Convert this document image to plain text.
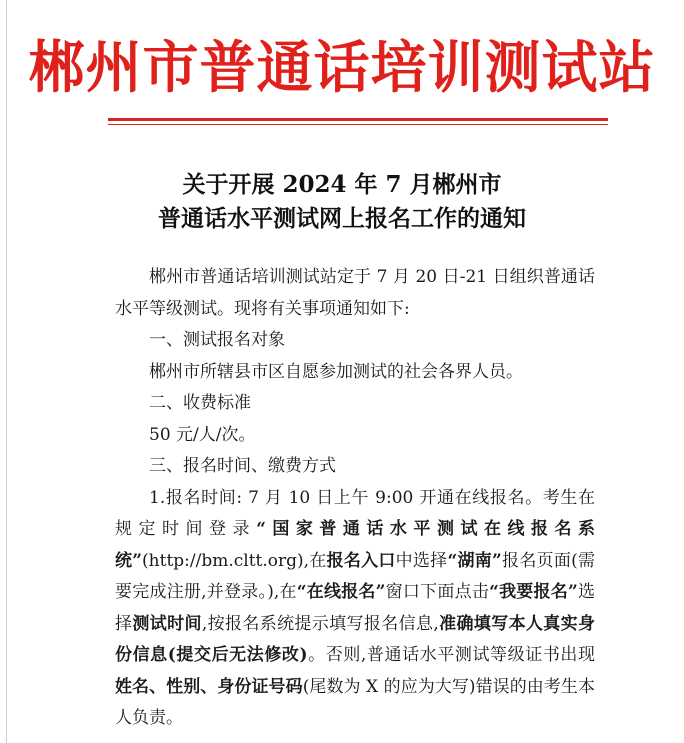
郴州市普通话培训测试站
关于开展 2024 年 7 月郴州市
普通话水平测试网上报名工作的通知

郴州市普通话培训测试站定于 7 月 20 日-21 日组织普通话水平等级测试。现将有关事项通知如下:

一、测试报名对象

郴州市所辖县市区自愿参加测试的社会各界人员。

二、收费标准

50 元/人/次。

三、报名时间、缴费方式

1.报名时间: 7 月 10 日上午 9:00 开通在线报名。考生在规定时间登录“国家普通话水平测试在线报名系统”(http://bm.cltt.org),在报名入口中选择“湖南”报名页面(需要完成注册,并登录。),在“在线报名”窗口下面点击“我要报名”选择测试时间,按报名系统提示填写报名信息,准确填写本人真实身份信息(提交后无法修改)。否则,普通话水平测试等级证书出现姓名、性别、身份证号码(尾数为 X 的应为大写)错误的由考生本人负责。
